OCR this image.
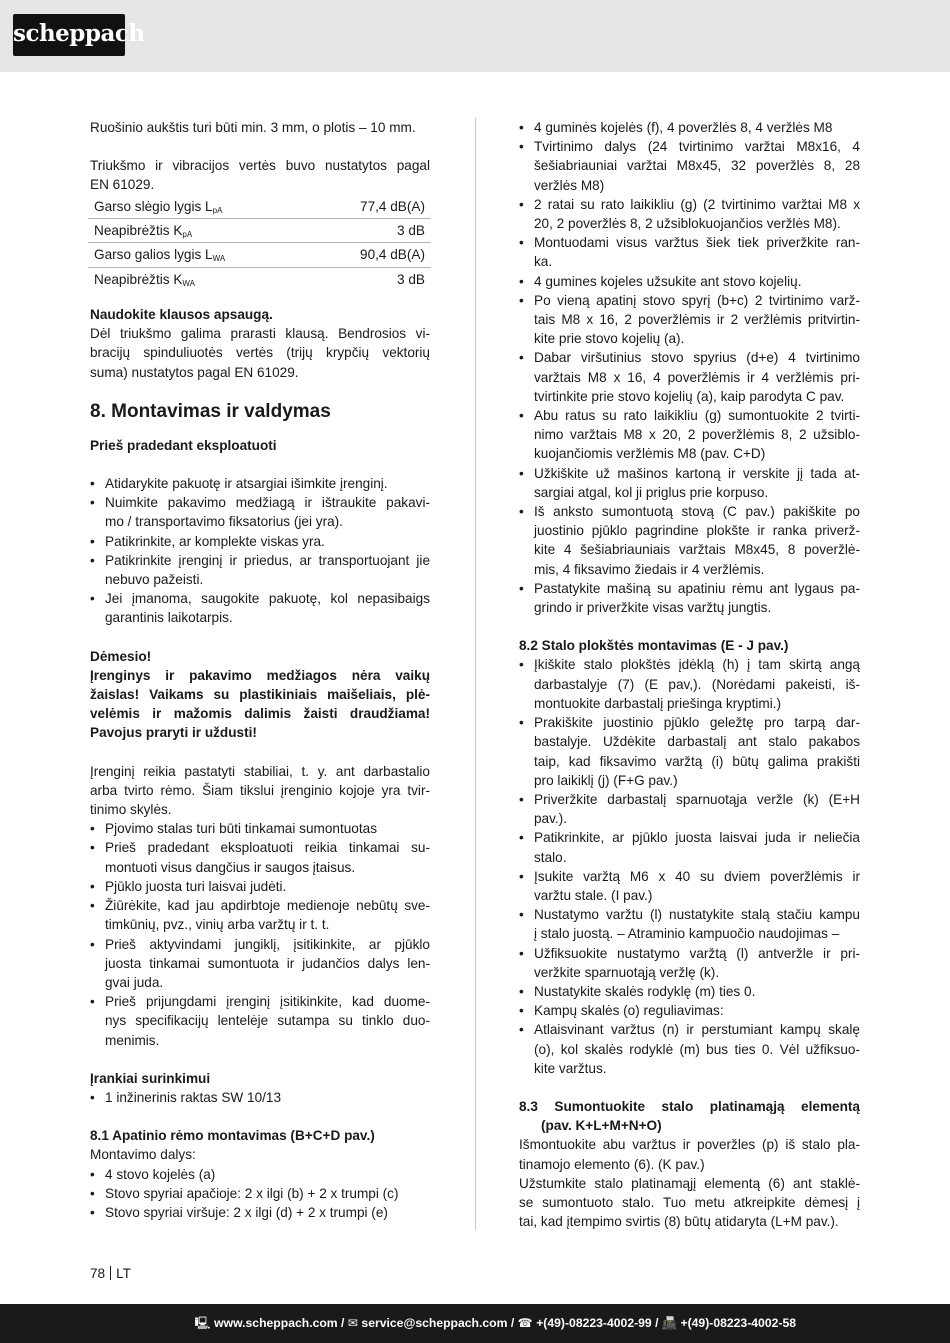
scheppach

Ruošinio aukštis turi būti min. 3 mm, o plotis – 10 mm.

Triukšmo ir vibracijos vertės buvo nustatytos pagal

EN 61029.

Garso slėgio lygis $L_{pA}$	77,4 dB(A)
Neapibrėžtis $K_{pA}$	3 dB
Garso galios lygis $L_{WA}$	90,4 dB(A)
Neapibrėžtis $K_{WA}$	3 dB

Naudokite klausos apsaugą.

Dėl triukšmo galima prarasti klausą. Bendrosios vi-
bracijų spinduliuotės vertės (trijų krypčių vektorių
suma) nustatytos pagal EN 61029.
8. Montavimas ir valdymas

Prieš pradedant eksploatuoti

• Atidarykite pakuotę ir atsargiai išimkite įrenginį.
• Nuimkite pakavimo medžiagą ir ištraukite pakavi-
mo / transportavimo fiksatorius (jei yra).
• Patikrinkite, ar komplekte viskas yra.
• Patikrinkite įrenginį ir priedus, ar transportuojant jie
nebuvo pažeisti.
• Jei įmanoma, saugokite pakuotę, kol nepasibaigs
garantinis laikotarpis.
Dėmesio!
Įrenginys ir pakavimo medžiagos nėra vaikų
žaislas! Vaikams su plastikiniais maišeliais, plė-
velėmis ir mažomis dalimis žaisti draudžiama!
Pavojus praryti ir uždusti!
Įrenginį reikia pastatyti stabiliai, t. y. ant darbastalio
arba tvirto rėmo. Šiam tikslui įrenginio kojoje yra tvir-
tinimo skylės.
• Pjovimo stalas turi būti tinkamai sumontuotas
• Prieš pradedant eksploatuoti reikia tinkamai su-
montuoti visus dangčius ir saugos įtaisus.
• Pjūklo juosta turi laisvai judėti.
• Žiūrėkite, kad jau apdirbtoje medienoje nebūtų sve-
timkūnių, pvz., vinių arba varžtų ir t. t.
• Prieš aktyvindami jungiklį, įsitikinkite, ar pjūklo
juosta tinkamai sumontuota ir judančios dalys len-
gvai juda.
• Prieš prijungdami įrenginį įsitikinkite, kad duome-
nys specifikacijų lentelėje sutampa su tinklo duo-
menimis.

Įrankiai surinkimui

• 1 inžinerinis raktas SW 10/13

8.1 Apatinio rėmo montavimas (B+C+D pav.)

Montavimo dalys:

• 4 stovo kojelės (a)
• Stovo spyriai apačioje: 2 x ilgi (b) + 2 x trumpi (c)
• Stovo spyriai viršuje: 2 x ilgi (d) + 2 x trumpi (e)
• 4 guminės kojelės (f), 4 poveržlės 8, 4 veržlės M8
• Tvirtinimo dalys (24 tvirtinimo varžtai M8x16, 4
šešiabriauniai varžtai M8x45, 32 poveržlės 8, 28
veržlės M8)
• 2 ratai su rato laikikliu (g) (2 tvirtinimo varžtai M8 x
20, 2 poveržlės 8, 2 užsiblokuojančios veržlės M8).
• Montuodami visus varžtus šiek tiek priveržkite ran-
ka.
• 4 gumines kojeles užsukite ant stovo kojelių.
• Po vieną apatinį stovo spyrį (b+c) 2 tvirtinimo varž-
tais M8 x 16, 2 poveržlėmis ir 2 veržlėmis pritvirtin-
kite prie stovo kojelių (a).
• Dabar viršutinius stovo spyrius (d+e) 4 tvirtinimo
varžtais M8 x 16, 4 poveržlėmis ir 4 veržlėmis pri-
tvirtinkite prie stovo kojelių (a), kaip parodyta C pav.
• Abu ratus su rato laikikliu (g) sumontuokite 2 tvirti-
nimo varžtais M8 x 20, 2 poveržlėmis 8, 2 užsiblo-
kuojančiomis veržlėmis M8 (pav. C+D)
• Užkiškite už mašinos kartoną ir verskite jį tada at-
sargiai atgal, kol ji priglus prie korpuso.
• Iš anksto sumontuotą stovą (C pav.) pakiškite po
juostinio pjūklo pagrindine plokšte ir ranka priverž-
kite 4 šešiabriauniais varžtais M8x45, 8 poveržlė-
mis, 4 fiksavimo žiedais ir 4 veržlėmis.
• Pastatykite mašiną su apatiniu rėmu ant lygaus pa-
grindo ir priveržkite visas varžtų jungtis.

8.2 Stalo plokštės montavimas (E - J pav.)

• Įkiškite stalo plokštės įdėklą (h) į tam skirtą angą
darbastalyje (7) (E pav,). (Norėdami pakeisti, iš-
montuokite darbastalį priešinga kryptimi.)
• Prakiškite juostinio pjūklo geležtę pro tarpą dar-
bastalyje. Uždėkite darbastalį ant stalo pakabos
taip, kad fiksavimo varžtą (i) būtų galima prakišti
pro laikiklį (j) (F+G pav.)
• Priveržkite darbastalį sparnuotąja veržle (k) (E+H
pav.).
• Patikrinkite, ar pjūklo juosta laisvai juda ir neliečia
stalo.
• Įsukite varžtą M6 x 40 su dviem poveržlėmis ir
varžtu stalе. (I pav.)
• Nustatymo varžtu (l) nustatykite stalą stačiu kampu
į stalo juostą. – Atraminio kampuočio naudojimas –
• Užfiksuokite nustatymo varžtą (l) antveržle ir pri-
veržkite sparnuotąją veržlę (k).
• Nustatykite skalės rodyklę (m) ties 0.
• Kampų skalės (o) reguliavimas:
• Atlaisvinant varžtus (n) ir perstumiant kampų skalę
(o), kol skalės rodyklė (m) bus ties 0. Vėl užfiksuo-
kite varžtus.
8.3 Sumontuokite stalo platinamąją elementą
(pav. K+L+M+N+O)
Išmontuokite abu varžtus ir poveržles (p) iš stalo pla-
tinamojo elemento (6). (K pav.)
Užstumkite stalo platinamąjį elementą (6) ant staklė-
se sumontuoto stalo. Tuo metu atkreipkite dėmesį į
tai, kad įtempimo svirtis (8) būtų atidaryta (L+M pav.).
78 LT
🖳 www.scheppach.com / ✉ service@scheppach.com / ☎ +(49)-08223-4002-99 / 📠 +(49)-08223-4002-58
